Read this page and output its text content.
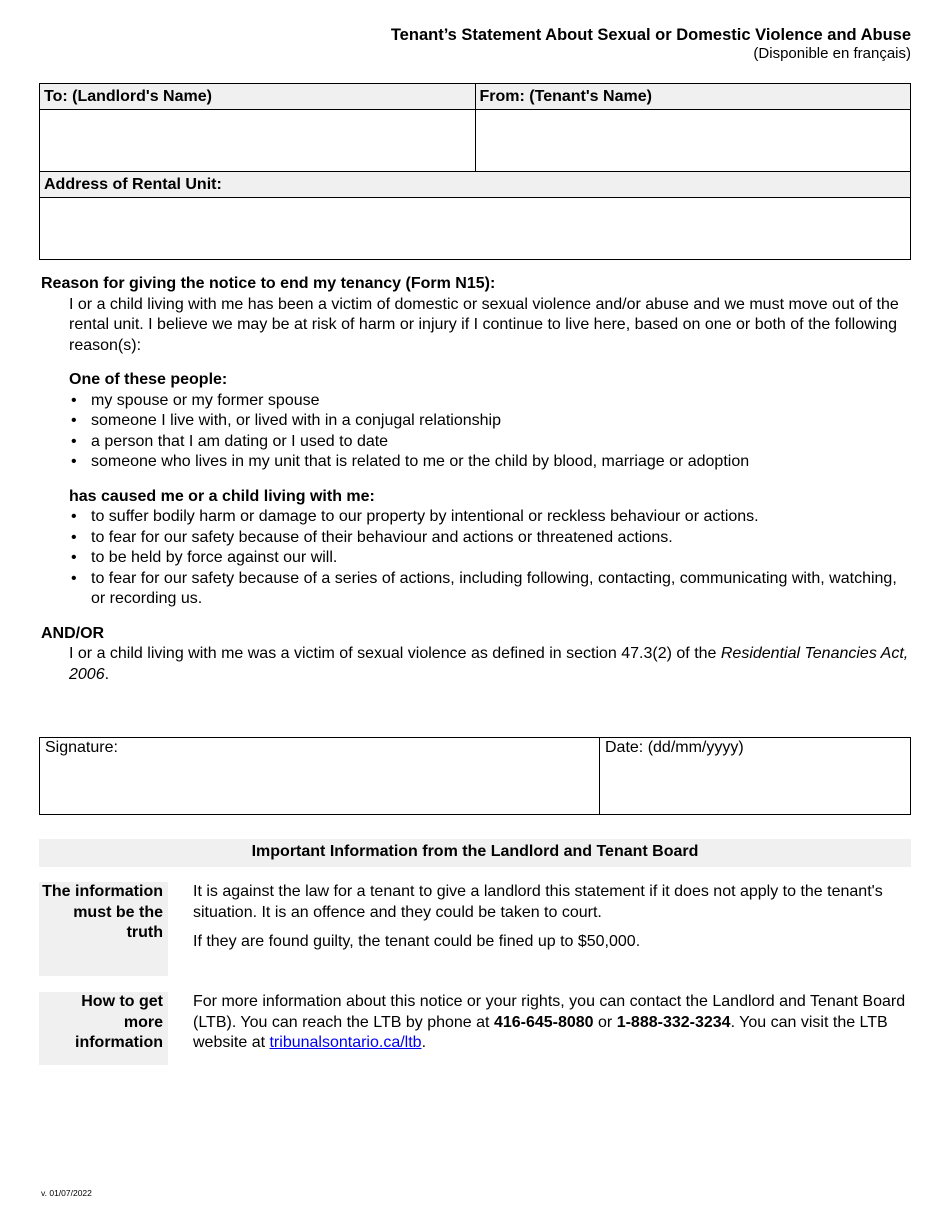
Tenant’s Statement About Sexual or Domestic Violence and Abuse
(Disponible en français)
To: (Landlord's Name)	From: (Tenant's Name)

Address of Rental Unit:	

Reason for giving the notice to end my tenancy (Form N15):
I or a child living with me has been a victim of domestic or sexual violence and/or abuse and we must move out of the rental unit. I believe we may be at risk of harm or injury if I continue to live here, based on one or both of the following reason(s):
One of these people:
• my spouse or my former spouse
• someone I live with, or lived with in a conjugal relationship
• a person that I am dating or I used to date
• someone who lives in my unit that is related to me or the child by blood, marriage or adoption
has caused me or a child living with me:
• to suffer bodily harm or damage to our property by intentional or reckless behaviour or actions.
• to fear for our safety because of their behaviour and actions or threatened actions.
• to be held by force against our will.
• to fear for our safety because of a series of actions, including following, contacting, communicating with, watching, or recording us.
AND/OR
I or a child living with me was a victim of sexual violence as defined in section 47.3(2) of the Residential Tenancies Act, 2006.
Signature:	Date: (dd/mm/yyyy)
Important Information from the Landlord and Tenant Board
The information must be the truth

It is against the law for a tenant to give a landlord this statement if it does not apply to the tenant's situation. It is an offence and they could be taken to court.

If they are found guilty, the tenant could be fined up to $50,000.

How to get more information
For more information about this notice or your rights, you can contact the Landlord and Tenant Board (LTB). You can reach the LTB by phone at 416-645-8080 or 1-888-332-3234. You can visit the LTB website at tribunalsontario.ca/ltb.
v. 01/07/2022
